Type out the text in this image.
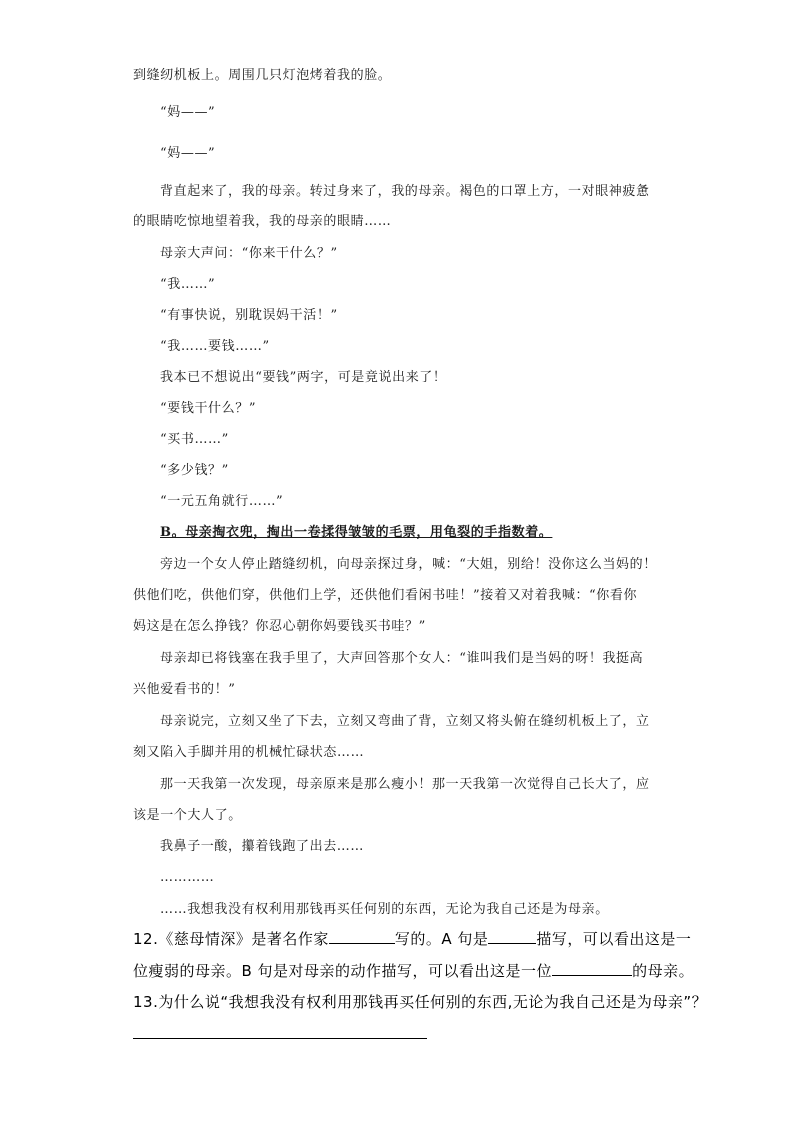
到缝纫机板上。周围几只灯泡烤着我的脸。
“妈——”
“妈——”
背直起来了，我的母亲。转过身来了，我的母亲。褐色的口罩上方，一对眼神疲惫
的眼睛吃惊地望着我，我的母亲的眼睛……
母亲大声问：“你来干什么？”
“我……”
“有事快说，别耽误妈干活！”
“我……要钱……”
我本已不想说出“要钱”两字，可是竟说出来了！
“要钱干什么？”
“买书……”
“多少钱？”
“一元五角就行……”
B。母亲掏衣兜，掏出一卷揉得皱皱的毛票，用龟裂的手指数着。
旁边一个女人停止踏缝纫机，向母亲探过身，喊：“大姐，别给！没你这么当妈的！
供他们吃，供他们穿，供他们上学，还供他们看闲书哇！”接着又对着我喊：“你看你
妈这是在怎么挣钱？你忍心朝你妈要钱买书哇？”
母亲却已将钱塞在我手里了，大声回答那个女人：“谁叫我们是当妈的呀！我挺高
兴他爱看书的！”
母亲说完，立刻又坐了下去，立刻又弯曲了背，立刻又将头俯在缝纫机板上了，立
刻又陷入手脚并用的机械忙碌状态……
那一天我第一次发现，母亲原来是那么瘦小！那一天我第一次觉得自己长大了，应
该是一个大人了。
我鼻子一酸，攥着钱跑了出去……
…………
……我想我没有权利用那钱再买任何别的东西，无论为我自己还是为母亲。
12.《慈母情深》是著名作家	写的。A 句是	描写，可以看出这是一
位瘦弱的母亲。B 句是对母亲的动作描写，可以看出这是一位	的母亲。
13.为什么说“我想我没有权利用那钱再买任何别的东西,无论为我自己还是为母亲”？
